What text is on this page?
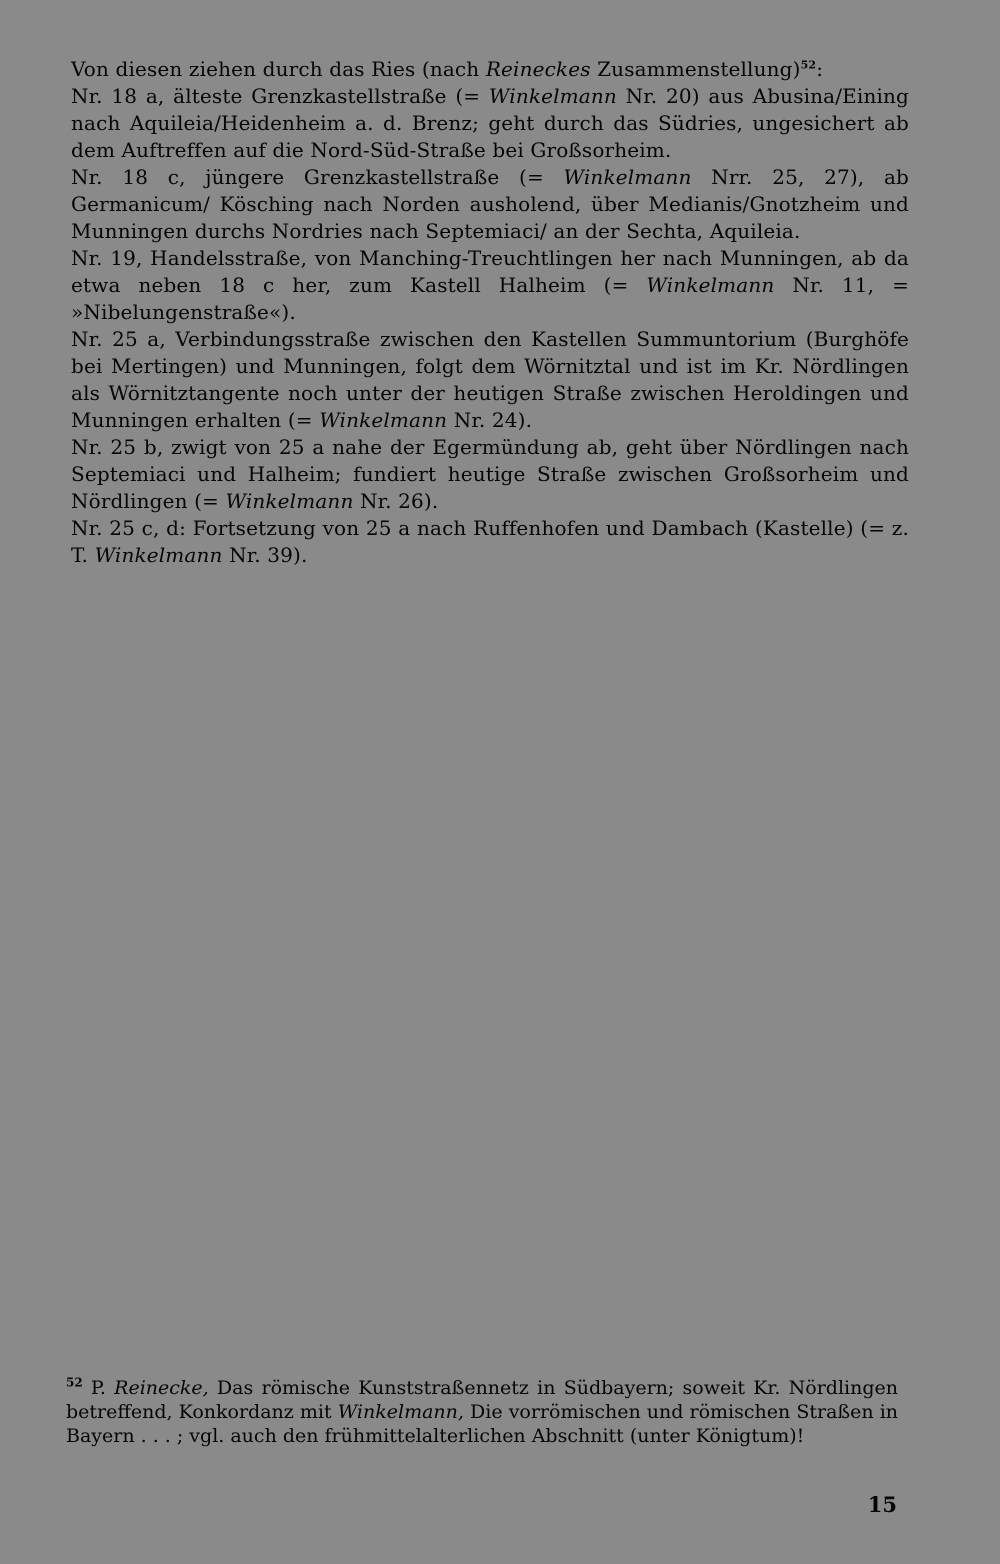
Von diesen ziehen durch das Ries (nach Reineckes Zusammenstellung)$^{52}$:

Nr. 18 a, älteste Grenzkastellstraße (= Winkelmann Nr. 20) aus Abusina/Eining nach Aquileia/Heidenheim a. d. Brenz; geht durch das Südries, ungesichert ab dem Auftreffen auf die Nord-Süd-Straße bei Großsorheim.

Nr. 18 c, jüngere Grenzkastellstraße (= Winkelmann Nrr. 25, 27), ab Germanicum/ Kösching nach Norden ausholend, über Medianis/Gnotzheim und Munningen durchs Nordries nach Septemiaci/ an der Sechta, Aquileia.

Nr. 19, Handelsstraße, von Manching-Treuchtlingen her nach Munningen, ab da etwa neben 18 c her, zum Kastell Halheim (= Winkelmann Nr. 11, = »Nibelungenstraße«).

Nr. 25 a, Verbindungsstraße zwischen den Kastellen Summuntorium (Burghöfe bei Mertingen) und Munningen, folgt dem Wörnitztal und ist im Kr. Nördlingen als Wörnitztangente noch unter der heutigen Straße zwischen Heroldingen und Munningen erhalten (= Winkelmann Nr. 24).

Nr. 25 b, zwigt von 25 a nahe der Egermündung ab, geht über Nördlingen nach Septemiaci und Halheim; fundiert heutige Straße zwischen Großsorheim und Nördlingen (= Winkelmann Nr. 26).

Nr. 25 c, d: Fortsetzung von 25 a nach Ruffenhofen und Dambach (Kastelle) (= z. T. Winkelmann Nr. 39).

$^{52}$ P. Reinecke, Das römische Kunststraßennetz in Südbayern; soweit Kr. Nördlingen betreffend, Konkordanz mit Winkelmann, Die vorrömischen und römischen Straßen in Bayern . . . ; vgl. auch den frühmittelalterlichen Abschnitt (unter Königtum)!
15
